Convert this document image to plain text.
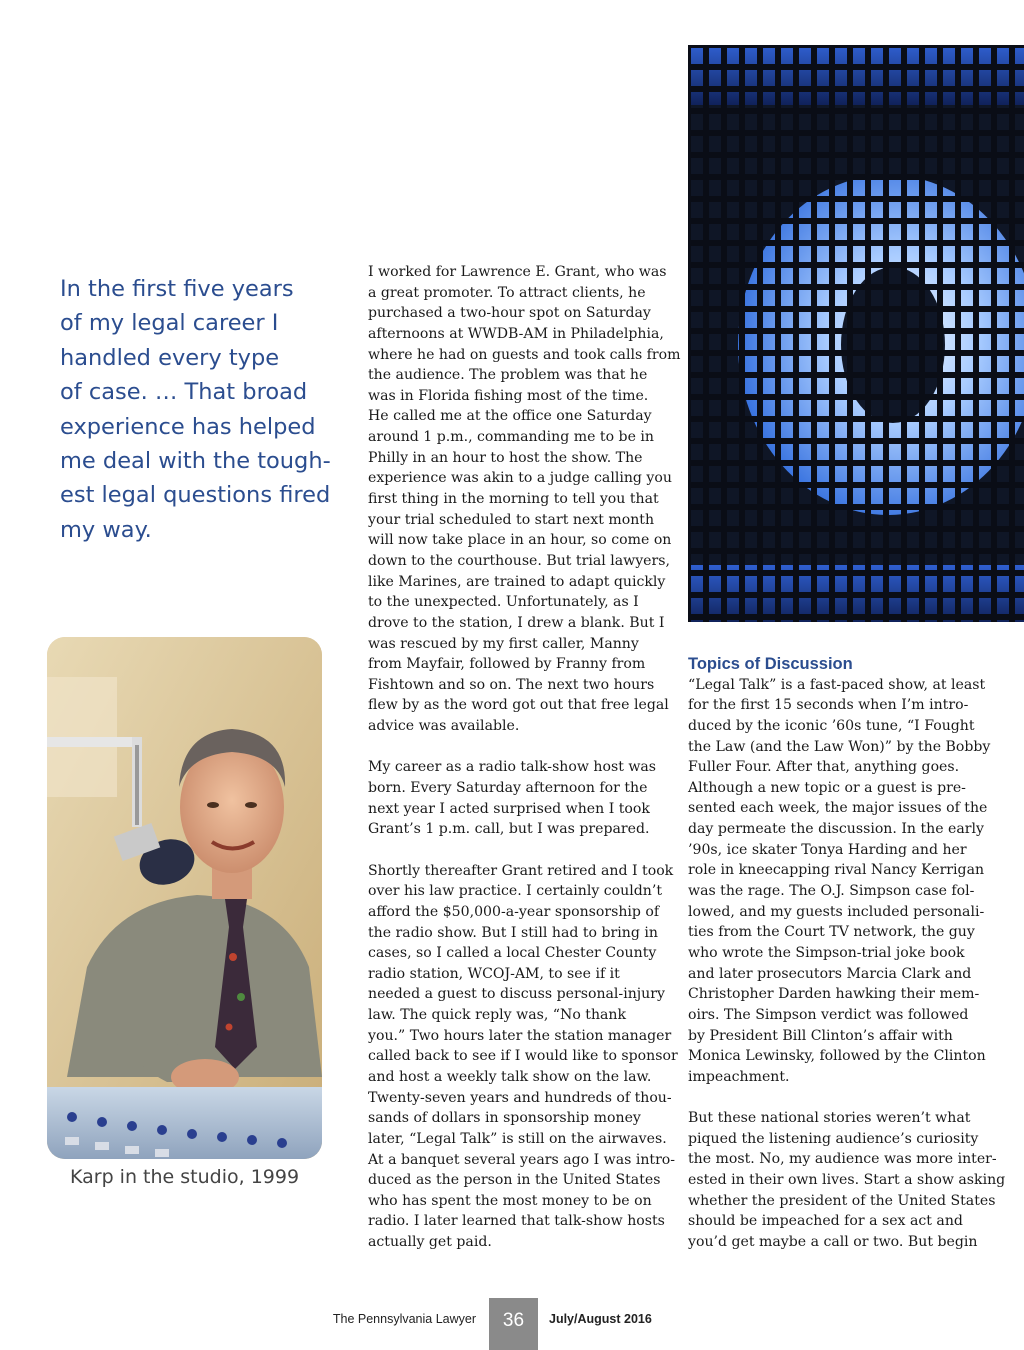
In the first five years
of my legal career I
handled every type
of case. … That broad
experience has helped
me deal with the tough-
est legal questions fired
my way.
Karp in the studio, 1999
I worked for Lawrence E. Grant, who was
a great promoter. To attract clients, he
purchased a two-hour spot on Saturday
afternoons at WWDB-AM in Philadelphia,
where he had on guests and took calls from
the audience. The problem was that he
was in Florida fishing most of the time.
He called me at the office one Saturday
around 1 p.m., commanding me to be in
Philly in an hour to host the show. The
experience was akin to a judge calling you
first thing in the morning to tell you that
your trial scheduled to start next month
will now take place in an hour, so come on
down to the courthouse. But trial lawyers,
like Marines, are trained to adapt quickly
to the unexpected. Unfortunately, as I
drove to the station, I drew a blank. But I
was rescued by my first caller, Manny
from Mayfair, followed by Franny from
Fishtown and so on. The next two hours
flew by as the word got out that free legal
advice was available.
My career as a radio talk-show host was
born. Every Saturday afternoon for the
next year I acted surprised when I took
Grant’s 1 p.m. call, but I was prepared.
Shortly thereafter Grant retired and I took
over his law practice. I certainly couldn’t
afford the $50,000-a-year sponsorship of
the radio show. But I still had to bring in
cases, so I called a local Chester County
radio station, WCOJ-AM, to see if it
needed a guest to discuss personal-injury
law. The quick reply was, “No thank
you.” Two hours later the station manager
called back to see if I would like to sponsor
and host a weekly talk show on the law.
Twenty-seven years and hundreds of thou-
sands of dollars in sponsorship money
later, “Legal Talk” is still on the airwaves.
At a banquet several years ago I was intro-
duced as the person in the United States
who has spent the most money to be on
radio. I later learned that talk-show hosts
actually get paid.
Topics of Discussion
“Legal Talk” is a fast-paced show, at least
for the first 15 seconds when I’m intro-
duced by the iconic ’60s tune, “I Fought
the Law (and the Law Won)” by the Bobby
Fuller Four. After that, anything goes.
Although a new topic or a guest is pre-
sented each week, the major issues of the
day permeate the discussion. In the early
’90s, ice skater Tonya Harding and her
role in kneecapping rival Nancy Kerrigan
was the rage. The O.J. Simpson case fol-
lowed, and my guests included personali-
ties from the Court TV network, the guy
who wrote the Simpson-trial joke book
and later prosecutors Marcia Clark and
Christopher Darden hawking their mem-
oirs. The Simpson verdict was followed
by President Bill Clinton’s affair with
Monica Lewinsky, followed by the Clinton
impeachment.
But these national stories weren’t what
piqued the listening audience’s curiosity
the most. No, my audience was more inter-
ested in their own lives. Start a show asking
whether the president of the United States
should be impeached for a sex act and
you’d get maybe a call or two. But begin
The Pennsylvania Lawyer	36	July/August 2016
